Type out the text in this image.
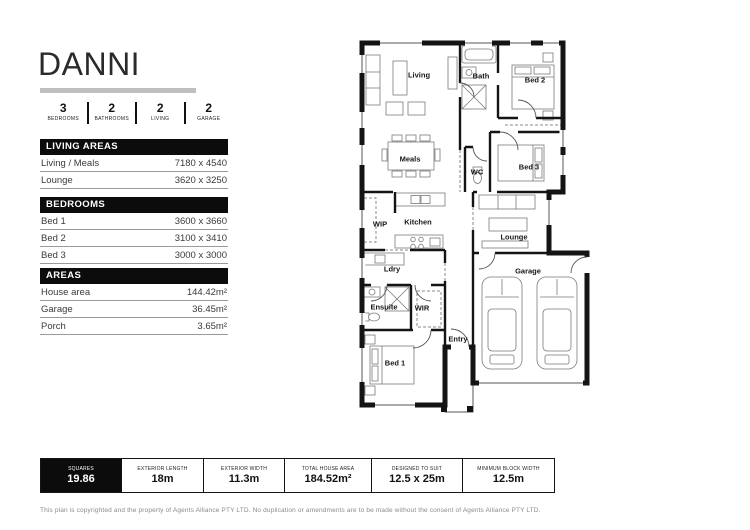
DANNI
3
BEDROOMS
2
BATHROOMS
2
LIVING
2
GARAGE
LIVING AREAS
Living / Meals	7180 x 4540
Lounge	3620 x 3250
BEDROOMS
Bed 1	3600 x 3660
Bed 2	3100 x 3410
Bed 3	3000 x 3000
AREAS
House area	144.42m²
Garage	36.45m²
Porch	3.65m²
Living	Bath	Bed 2
Meals
WC
Bed 3
WIP Kitchen
Lounge
Ldry
Ensuite WIR
Entry
Bed 1
Garage
SQUARES
19.86
EXTERIOR LENGTH
18m
EXTERIOR WIDTH
11.3m
TOTAL HOUSE AREA
184.52m²
DESIGNED TO SUIT
12.5 x 25m
MINIMUM BLOCK WIDTH
12.5m
This plan is copyrighted and the property of Agents Alliance PTY LTD. No duplication or amendments are to be made without the consent of Agents Alliance PTY LTD.
